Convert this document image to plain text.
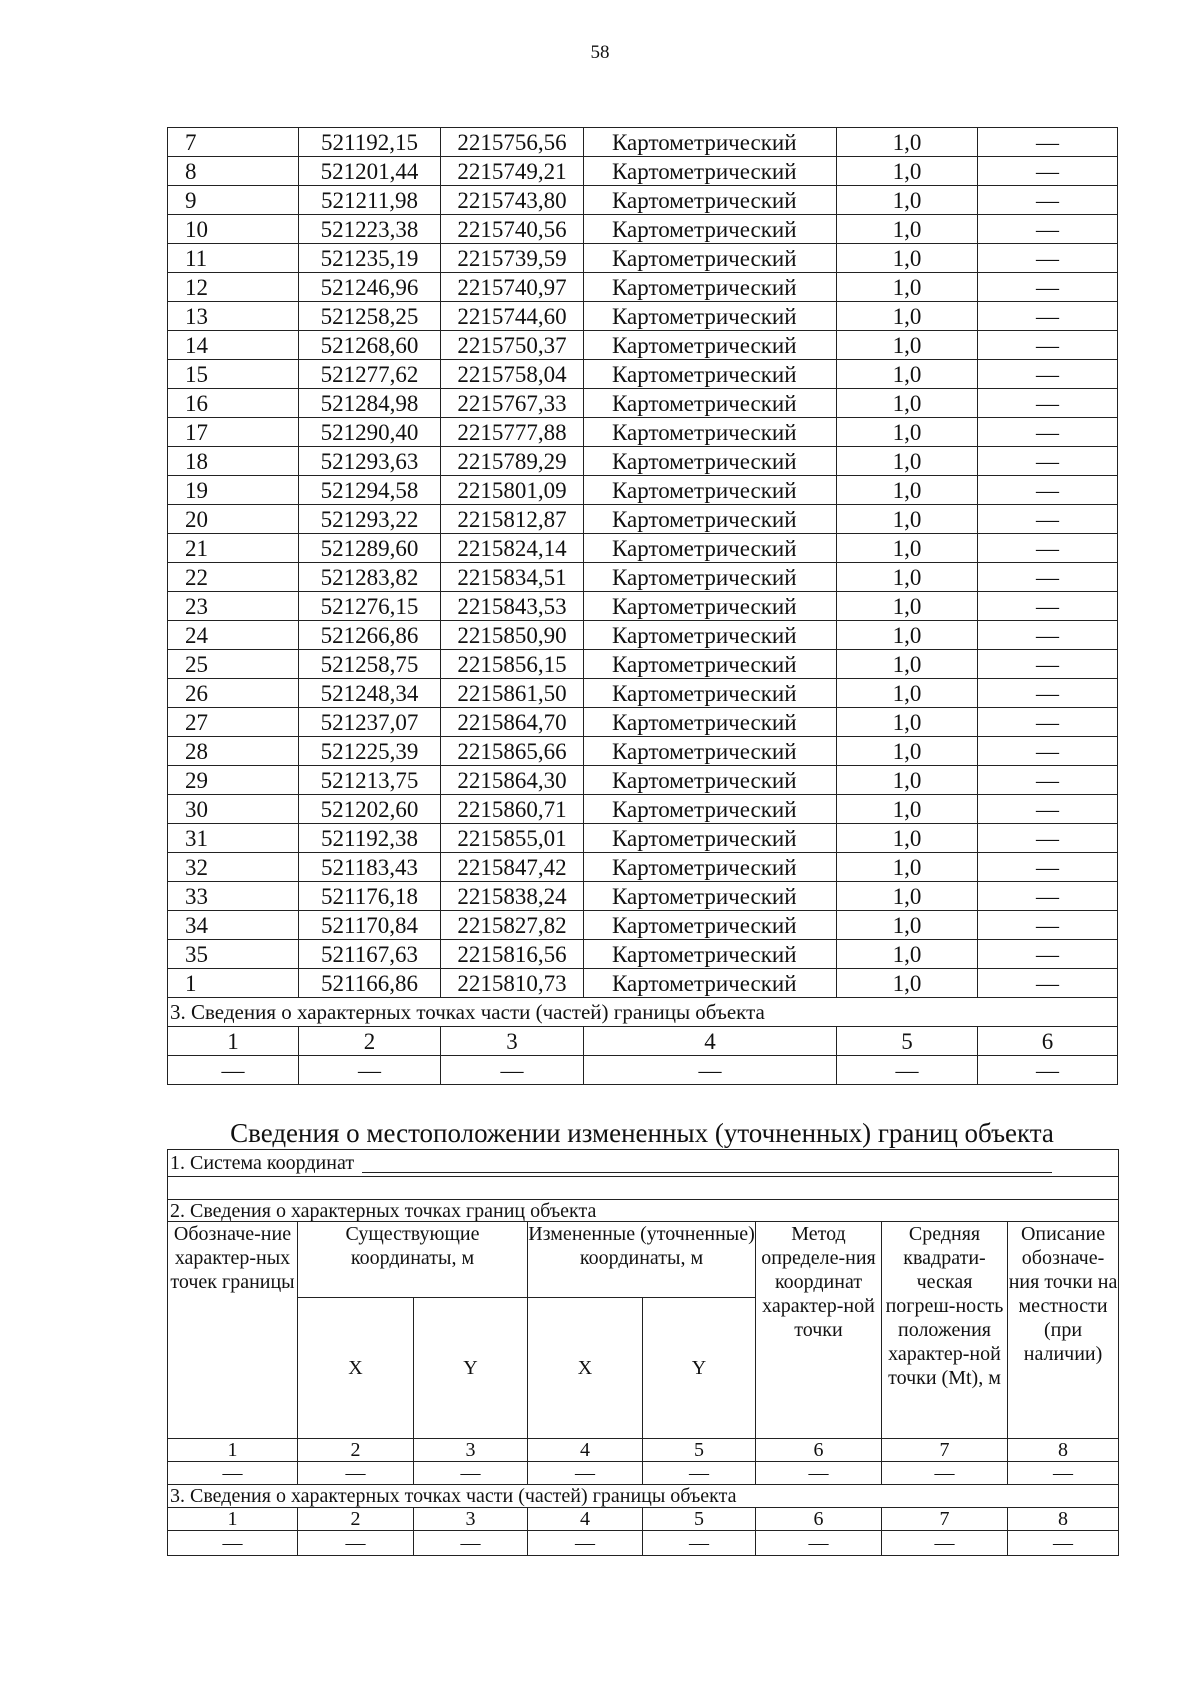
58
7	521192,15	2215756,56	Картометрический	1,0	—
8	521201,44	2215749,21	Картометрический	1,0	—
9	521211,98	2215743,80	Картометрический	1,0	—
10	521223,38	2215740,56	Картометрический	1,0	—
11	521235,19	2215739,59	Картометрический	1,0	—
12	521246,96	2215740,97	Картометрический	1,0	—
13	521258,25	2215744,60	Картометрический	1,0	—
14	521268,60	2215750,37	Картометрический	1,0	—
15	521277,62	2215758,04	Картометрический	1,0	—
16	521284,98	2215767,33	Картометрический	1,0	—
17	521290,40	2215777,88	Картометрический	1,0	—
18	521293,63	2215789,29	Картометрический	1,0	—
19	521294,58	2215801,09	Картометрический	1,0	—
20	521293,22	2215812,87	Картометрический	1,0	—
21	521289,60	2215824,14	Картометрический	1,0	—
22	521283,82	2215834,51	Картометрический	1,0	—
23	521276,15	2215843,53	Картометрический	1,0	—
24	521266,86	2215850,90	Картометрический	1,0	—
25	521258,75	2215856,15	Картометрический	1,0	—
26	521248,34	2215861,50	Картометрический	1,0	—
27	521237,07	2215864,70	Картометрический	1,0	—
28	521225,39	2215865,66	Картометрический	1,0	—
29	521213,75	2215864,30	Картометрический	1,0	—
30	521202,60	2215860,71	Картометрический	1,0	—
31	521192,38	2215855,01	Картометрический	1,0	—
32	521183,43	2215847,42	Картометрический	1,0	—
33	521176,18	2215838,24	Картометрический	1,0	—
34	521170,84	2215827,82	Картометрический	1,0	—
35	521167,63	2215816,56	Картометрический	1,0	—
1	521166,86	2215810,73	Картометрический	1,0	—
3. Сведения о характерных точках части (частей) границы объекта					
1	2	3	4	5	6
—	—	—	—	—	—
Сведения о местоположении измененных (уточненных) границ объекта
1. Система координат							

2. Сведения о характерных точках границ объекта							
Обозначе-ние характер-ных точек границы	Существующие координаты, м		Измененные (уточненные) координаты, м		Метод определе-ния координат характер-ной точки	Средняя квадрати-ческая погреш-ность положения характер-ной точки (Mt), м	Описание обозначе-ния точки на местности (при наличии)
	X	Y	X	Y			
1	2	3	4	5	6	7	8
—	—	—	—	—	—	—	—
3. Сведения о характерных точках части (частей) границы объекта							
1	2	3	4	5	6	7	8
—	—	—	—	—	—	—	—
